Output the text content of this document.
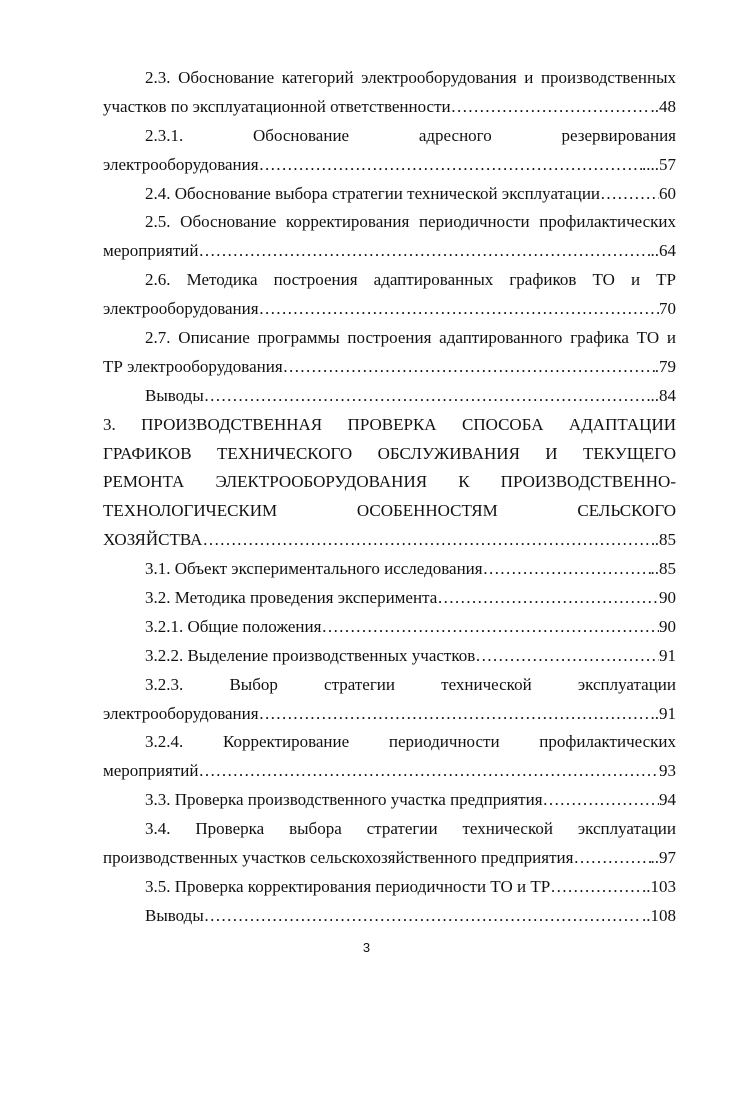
2.3. Обоснование категорий электрооборудования и производственных
участков по эксплуатационной ответственности ……………………………………………………………………………………………………………………………………………………………	..48
2.3.1. Обоснование адресного резервирования
электрооборудования ……………………………………………………………………………………………………………………………………………………………	....57
2.4. Обоснование выбора стратегии технической эксплуатации ……………………………………………………………………………………………………………………………………………………………	60
2.5. Обоснование корректирования периодичности профилактических
мероприятий ……………………………………………………………………………………………………………………………………………………………	..64
2.6. Методика построения адаптированных графиков ТО и ТР
электрооборудования ……………………………………………………………………………………………………………………………………………………………	70
2.7. Описание программы построения адаптированного графика ТО и
ТР электрооборудования ……………………………………………………………………………………………………………………………………………………………	.79
Выводы ……………………………………………………………………………………………………………………………………………………………	..84
3. ПРОИЗВОДСТВЕННАЯ ПРОВЕРКА СПОСОБА АДАПТАЦИИ
ГРАФИКОВ ТЕХНИЧЕСКОГО ОБСЛУЖИВАНИЯ И ТЕКУЩЕГО
РЕМОНТА ЭЛЕКТРООБОРУДОВАНИЯ К ПРОИЗВОДСТВЕННО-
ТЕХНОЛОГИЧЕСКИМ ОСОБЕННОСТЯМ СЕЛЬСКОГО
ХОЗЯЙСТВА ……………………………………………………………………………………………………………………………………………………………	.85
3.1. Объект экспериментального исследования ……………………………………………………………………………………………………………………………………………………………	..85
3.2. Методика проведения эксперимента ……………………………………………………………………………………………………………………………………………………………	90
3.2.1. Общие положения ……………………………………………………………………………………………………………………………………………………………	90
3.2.2. Выделение производственных участков ……………………………………………………………………………………………………………………………………………………………	91
3.2.3. Выбор стратегии технической эксплуатации
электрооборудования ……………………………………………………………………………………………………………………………………………………………	..91
3.2.4. Корректирование периодичности профилактических
мероприятий ……………………………………………………………………………………………………………………………………………………………	93
3.3. Проверка производственного участка предприятия ……………………………………………………………………………………………………………………………………………………………	94
3.4. Проверка выбора стратегии технической эксплуатации
производственных участков сельскохозяйственного предприятия ……………………………………………………………………………………………………………………………………………………………	..97
3.5. Проверка корректирования периодичности ТО и ТР ……………………………………………………………………………………………………………………………………………………………	..103
Выводы ……………………………………………………………………………………………………………………………………………………………	..108
3
